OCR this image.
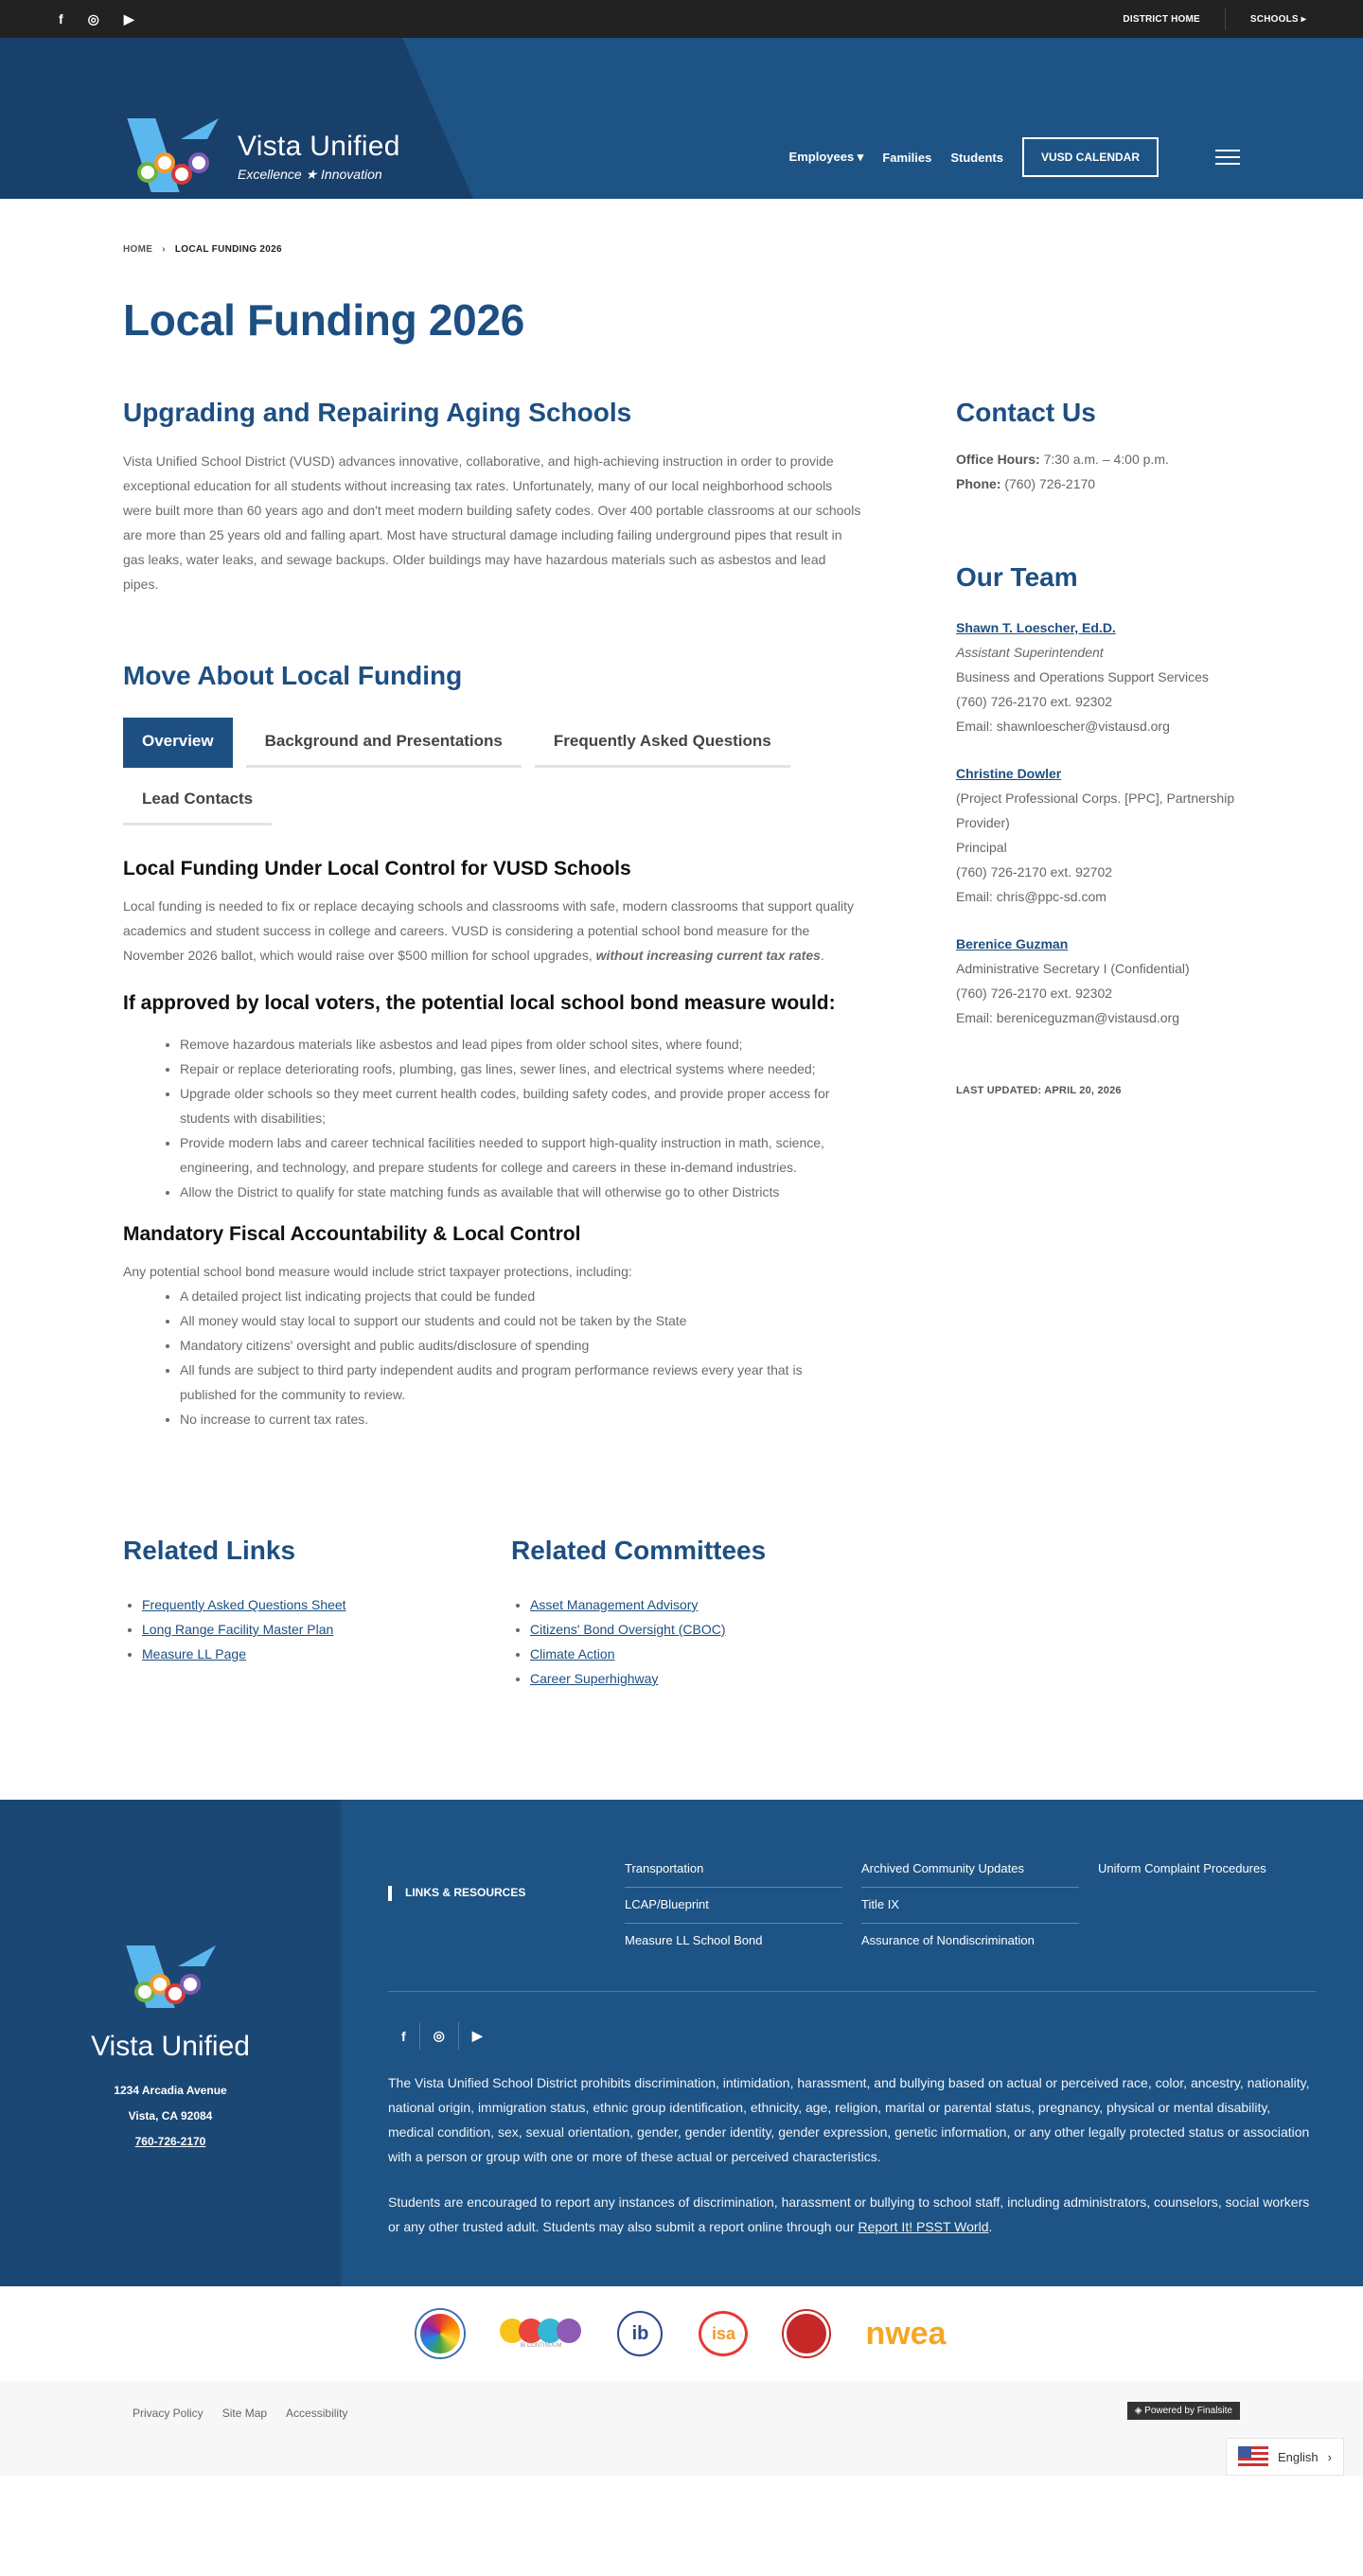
f ◎ ▶	DISTRICT HOME	SCHOOLS ▸
Vista Unified
Excellence ★ Innovation
Employees ▾ Families Students	VUSD CALENDAR
HOME › LOCAL FUNDING 2026
Local Funding 2026
Upgrading and Repairing Aging Schools

Vista Unified School District (VUSD) advances innovative, collaborative, and high-achieving instruction in order to provide exceptional education for all students without increasing tax rates. Unfortunately, many of our local neighborhood schools were built more than 60 years ago and don't meet modern building safety codes. Over 400 portable classrooms at our schools are more than 25 years old and falling apart. Most have structural damage including failing underground pipes that result in gas leaks, water leaks, and sewage backups. Older buildings may have hazardous materials such as asbestos and lead pipes.

Move About Local Funding
Overview	Background and Presentations	Frequently Asked Questions
Lead Contacts
Local Funding Under Local Control for VUSD Schools

Local funding is needed to fix or replace decaying schools and classrooms with safe, modern classrooms that support quality academics and student success in college and careers. VUSD is considering a potential school bond measure for the November 2026 ballot, which would raise over $500 million for school upgrades, without increasing current tax rates.

If approved by local voters, the potential local school bond measure would:
• Remove hazardous materials like asbestos and lead pipes from older school sites, where found;
• Repair or replace deteriorating roofs, plumbing, gas lines, sewer lines, and electrical systems where needed;
• Upgrade older schools so they meet current health codes, building safety codes, and provide proper access for students with disabilities;
• Provide modern labs and career technical facilities needed to support high-quality instruction in math, science, engineering, and technology, and prepare students for college and careers in these in-demand industries.
• Allow the District to qualify for state matching funds as available that will otherwise go to other Districts
Mandatory Fiscal Accountability & Local Control

Any potential school bond measure would include strict taxpayer protections, including:

• A detailed project list indicating projects that could be funded
• All money would stay local to support our students and could not be taken by the State
• Mandatory citizens' oversight and public audits/disclosure of spending
• All funds are subject to third party independent audits and program performance reviews every year that is published for the community to review.
• No increase to current tax rates.
Contact Us

Office Hours: 7:30 a.m. – 4:00 p.m.

Phone: (760) 726-2170

Our Team
Shawn T. Loescher, Ed.D.

Assistant Superintendent

Business and Operations Support Services

(760) 726-2170 ext. 92302

Email: shawnloescher@vistausd.org

Christine Dowler

(Project Professional Corps. [PPC], Partnership Provider)

Principal

(760) 726-2170 ext. 92702

Email: chris@ppc-sd.com

Berenice Guzman

Administrative Secretary I (Confidential)

(760) 726-2170 ext. 92302

Email: bereniceguzman@vistausd.org

LAST UPDATED: APRIL 20, 2026
Related Links
• Frequently Asked Questions Sheet
• Long Range Facility Master Plan
• Measure LL Page
Related Committees
• Asset Management Advisory
• Citizens' Bond Oversight (CBOC)
• Climate Action
• Career Superhighway
Vista Unified
1234 Arcadia Avenue
Vista, CA 92084
760-726-2170
LINKS & RESOURCES
Transportation	Archived Community Updates	Uniform Complaint Procedures
LCAP/Blueprint	Title IX
Measure LL School Bond	Assurance of Nondiscrimination
f	◎	▶

The Vista Unified School District prohibits discrimination, intimidation, harassment, and bullying based on actual or perceived race, color, ancestry, nationality, national origin, immigration status, ethnic group identification, ethnicity, age, religion, marital or parental status, pregnancy, physical or mental disability, medical condition, sex, sexual orientation, gender, gender identity, gender expression, genetic information, or any other legally protected status or association with a person or group with one or more of these actual or perceived characteristics.

Students are encouraged to report any instances of discrimination, harassment or bullying to school staff, including administrators, counselors, social workers or any other trusted adult. Students may also submit a report online through our Report It! PSST World.

IB CONTINUUM
ib	isa	nwea
Privacy Policy Site Map Accessibility	◈ Powered by Finalsite
English ›
